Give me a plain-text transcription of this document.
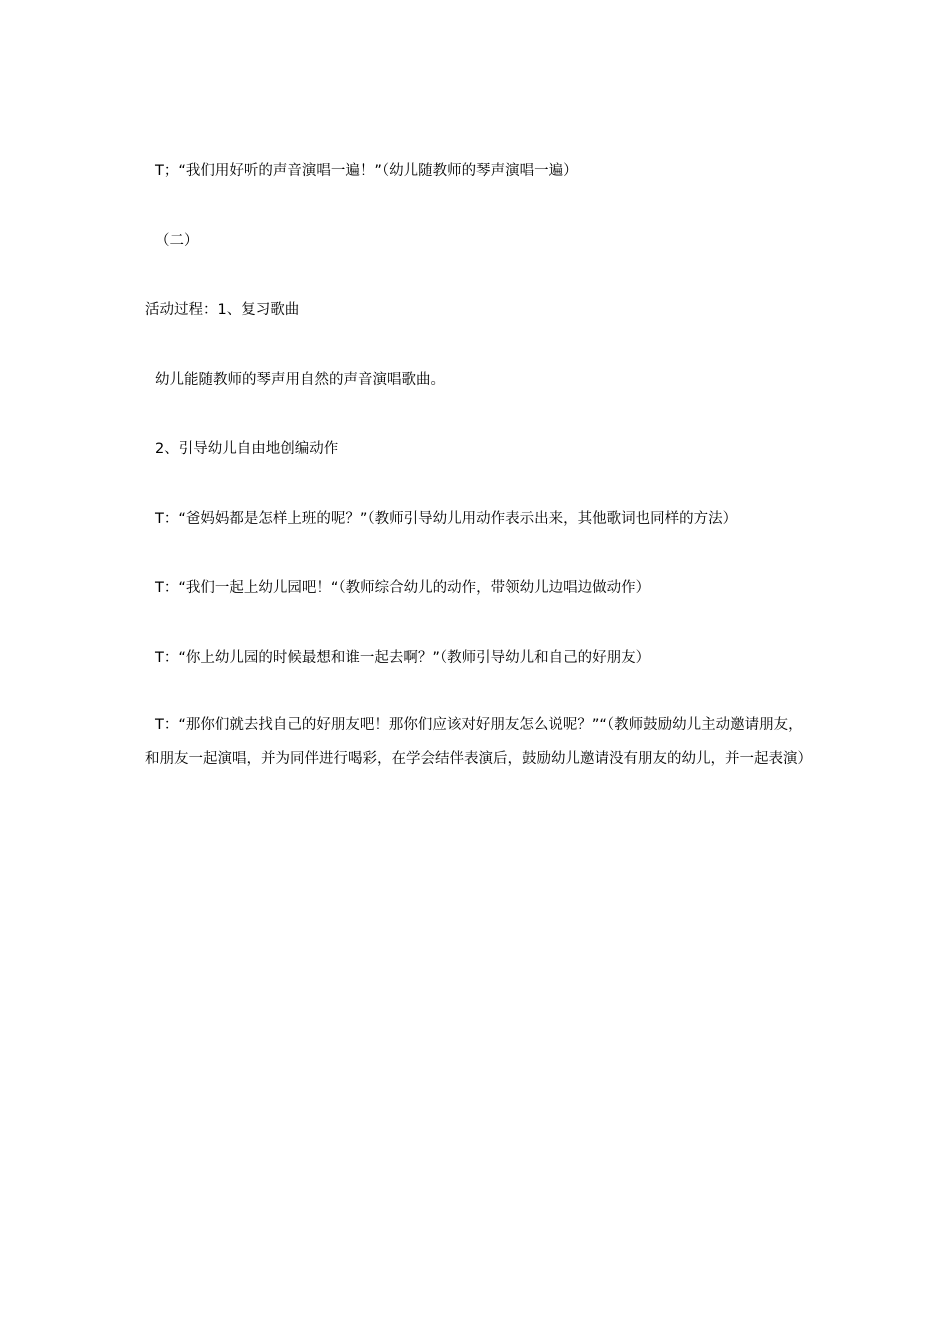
T；“我们用好听的声音演唱一遍！”（幼儿随教师的琴声演唱一遍）

（二）

活动过程：1、复习歌曲

幼儿能随教师的琴声用自然的声音演唱歌曲。

2、引导幼儿自由地创编动作

T：“爸妈妈都是怎样上班的呢？”（教师引导幼儿用动作表示出来，其他歌词也同样的方法）

T：“我们一起上幼儿园吧！“（教师综合幼儿的动作，带领幼儿边唱边做动作）

T：“你上幼儿园的时候最想和谁一起去啊？”（教师引导幼儿和自己的好朋友）

T：“那你们就去找自己的好朋友吧！那你们应该对好朋友怎么说呢？”“（教师鼓励幼儿主动邀请朋友，和朋友一起演唱，并为同伴进行喝彩，在学会结伴表演后，鼓励幼儿邀请没有朋友的幼儿，并一起表演）
